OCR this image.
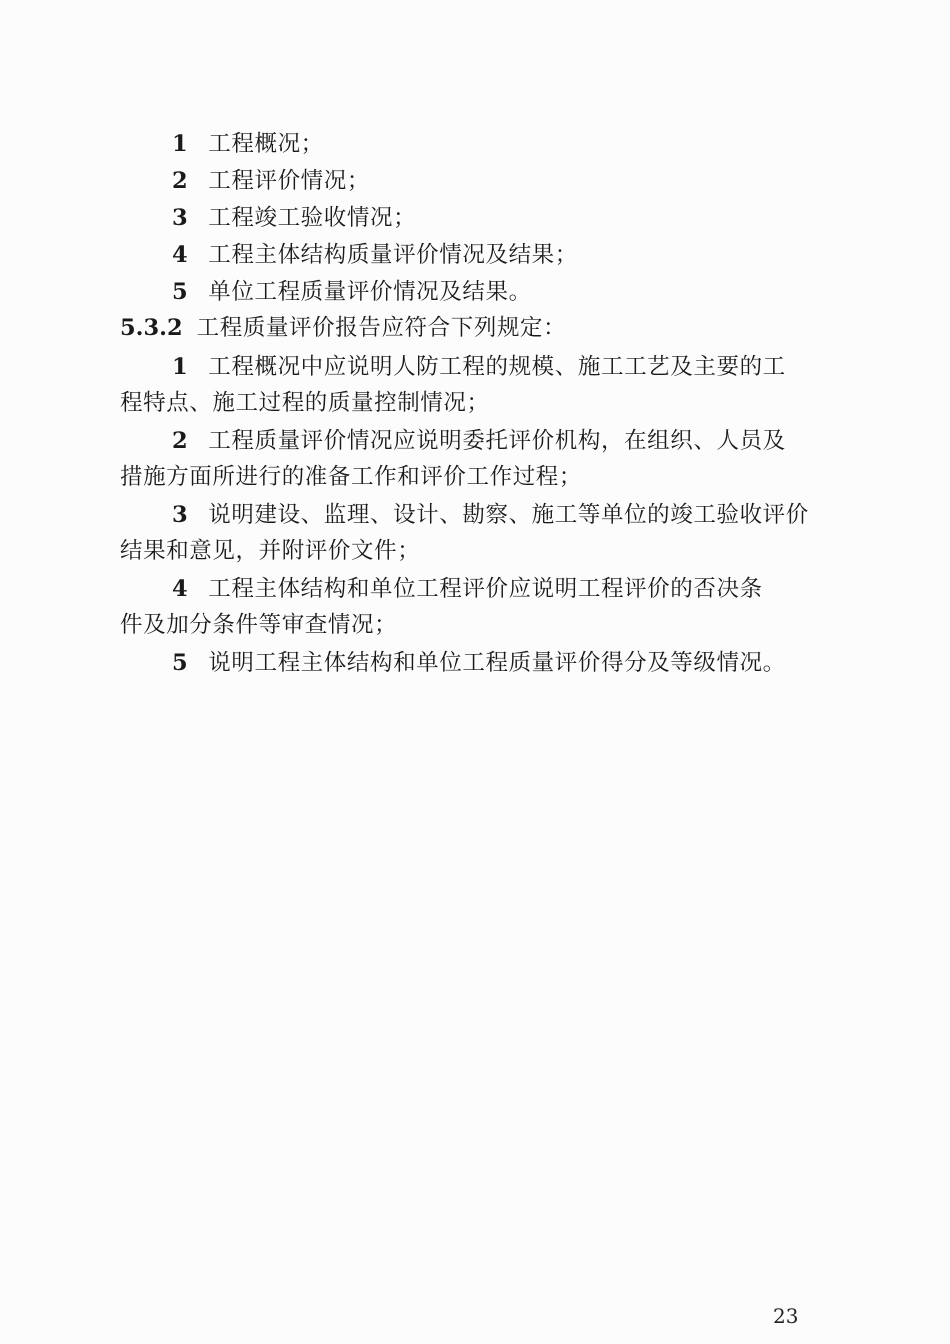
1 工程概况；
2 工程评价情况；
3 工程竣工验收情况；
4 工程主体结构质量评价情况及结果；
5 单位工程质量评价情况及结果。
5.3.2 工程质量评价报告应符合下列规定：
1 工程概况中应说明人防工程的规模、施工工艺及主要的工
程特点、施工过程的质量控制情况；
2 工程质量评价情况应说明委托评价机构，在组织、人员及
措施方面所进行的准备工作和评价工作过程；
3 说明建设、监理、设计、勘察、施工等单位的竣工验收评价
结果和意见，并附评价文件；
4 工程主体结构和单位工程评价应说明工程评价的否决条
件及加分条件等审查情况；
5 说明工程主体结构和单位工程质量评价得分及等级情况。
23
